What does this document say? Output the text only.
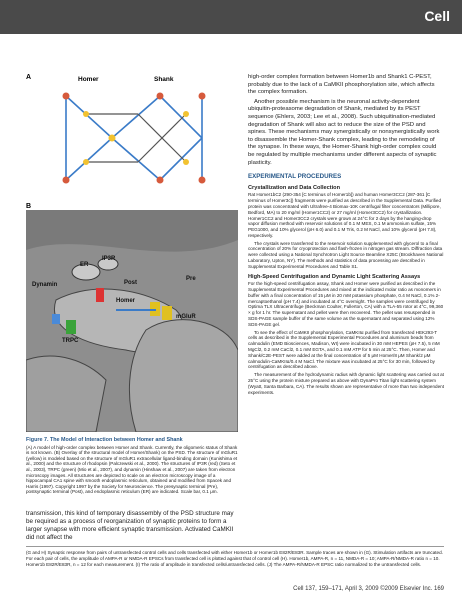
Cell
A	Homer	Shank
B
ER
IP3R
Post
Pre
Dynamin
Homer
mGluR
TRPC
Figure 7. The Model of Interaction between Homer and Shank
(A) A model of high-order complex between Homer and Shank. Currently, the oligomeric status of Shank is not known. (B) Overlay of the structural model of Homer/Shank) on the PSD. The structure of mGluR1 (yellow) is modeled based on the structure of mGluR1 extracellular ligand-binding domain (Kunishima et al., 2000) and the structure of rhodopsin (Palczewski et al., 2000). The structures of IP3R (red) (Seto et al., 2003), TRPC (green) (Mio et al., 2007), and dynamin (Hinshaw et al., 2007) are taken from electron microscopy images. All structures are depicted to scale on an electron microscopy image of a hippocampal CA1 spine with smooth endoplasmic reticulum, obtained and modified from Spacek and Harris (1997). Copyright 1997 by the Society for Neuroscience. The presynaptic terminal (Pre), postsynaptic terminal (Post), and endoplasmic reticulum (ER) are indicated. Scale bar, 0.1 μm.
transmission, this kind of temporary disassembly of the PSD structure may be required as a process of reorganization of synaptic proteins to form a larger synapse with more efficient synaptic transmission. Activated CaMKII did not affect the

high-order complex formation between Homer1b and Shank1 C-PEST, probably due to the lack of a CaMKII phosphorylation site, which affects the complex formation.

Another possible mechanism is the neuronal activity-dependent ubiquitin-proteasome degradation of Shank, mediated by its PEST sequence (Ehlers, 2003; Lee et al., 2008). Such ubiquitination-mediated degradation of Shank will also act to reduce the size of the PSD and spines. These mechanisms may synergistically or nonsynergistically work to disassemble the Homer-Shank complex, leading to the remodeling of the synapse. In these ways, the Homer-Shank high-order complex could be regulated by multiple mechanisms under different aspects of synaptic plasticity.

EXPERIMENTAL PROCEDURES
Crystallization and Data Collection

Rat Homer1bC2 (290-354 [C terminus of Homer1b]) and human Homer3CC2 (287-361 [C terminus of Homer3c]) fragments were purified as described in the Supplemental Data. Purified protein was concentrated with Ultrafree-4 Biomax-10K centrifugal filter concentrators (Millipore, Bedford, MA) to 20 mg/ml (Homer1CC2) or 27 mg/ml (Homer3CC2) for crystallization. Homer1CC2 and Homer3CC2 crystals were grown at 24°C for 2 days by the hanging-drop vapor diffusion method with reservoir solutions of 0.1 M MES, 0.1 M ammonium sulfate, 15% PEG1000, and 10% glycerol (pH 6.0) and 0.1 M Tris, 0.2 M NaCl, and 10% glycerol (pH 7.8), respectively.

The crystals were transferred to the reservoir solution supplemented with glycerol to a final concentration of 20% for cryoprotection and flash-frozen in nitrogen gas stream. Diffraction data were collected using a National Synchrotron Light Source Beamline X25C (Brookhaven National Laboratory, Upton, NY). The methods and statistics of data processing are described in Supplemental Experimental Procedures and Table S1.

High-Speed Centrifugation and Dynamic Light Scattering Assays

For the high-speed centrifugation assay, Shank and Homer were purified as described in the Supplemental Experimental Procedures and mixed at the indicated molar ratio as monomers in buffer with a final concentration of 15 μM in 20 mM potassium phosphate, 0.4 M NaCl, 0.1% 2-mercaptoethanol (pH 7.4) and incubated at 4°C overnight. The samples were centrifuged by Optima TLX Ultracentrifuge (Beckman Coulter, Fullerton, CA) with a TLA-55 rotor at 4°C, 99,360 × g for 1 hr. The supernatant and pellet were then recovered. The pellet was resuspended in SDS-PAGE sample buffer of the same volume as the supernatant and separated using 12% SDS-PAGE gel.

To see the effect of CaMKII phosphorylation, CaMKIIα purified from transfected HEK293-T cells as described in the Supplemental Experimental Procedures and aluminum beads from calmodulin (EMD Biosciences, Madison, WI) were incubated in 30 mM HEPES (pH 7.5), 5 mM MgCl2, 0.2 mM CaCl2, 0.1 mM EGTA, and 0.1 mM ATP for 5 min at 25°C. Then, Homer and Shank/C2E-PEST were added at the final concentration of 5 μM Homer/8 μM Shank/2 μM calmodulin-CaMKIIα/0.4 M NaCl. The mixture was incubated at 25°C for 30 min, followed by centrifugation as described above.

The measurement of the hydrodynamic radius with dynamic light scattering was carried out at 25°C using the protein mixture prepared as above with DynaPro Titan light scattering system (Wyatt, Santa Barbara, CA). The results shown are representative of more than two independent experiments.

(G and H) Synaptic response from pairs of untransfected control cells and cells transfected with either Homer1b or Homer1b E82R/E83R. Sample traces are shown in (G). Stimulation artifacts are truncated. For each pair of cells, the amplitude of AMPA-R or NMDA-R EPSCs from transfected cell is plotted against that of control cell (H). Homer1b, AMPA-R, n = 11, NMDA-R = 10; AMPA-R/NMDA-R ratio n = 10. Homer1b E82R/E83R, n = 12 for each measurement. (I) The ratio of amplitude in transfected cells/untransfected cells. (J) The AMPA-R/NMDA-R EPSC ratio normalized to the untransfected cells.
Cell 137, 159–171, April 3, 2009 ©2009 Elsevier Inc. 169
